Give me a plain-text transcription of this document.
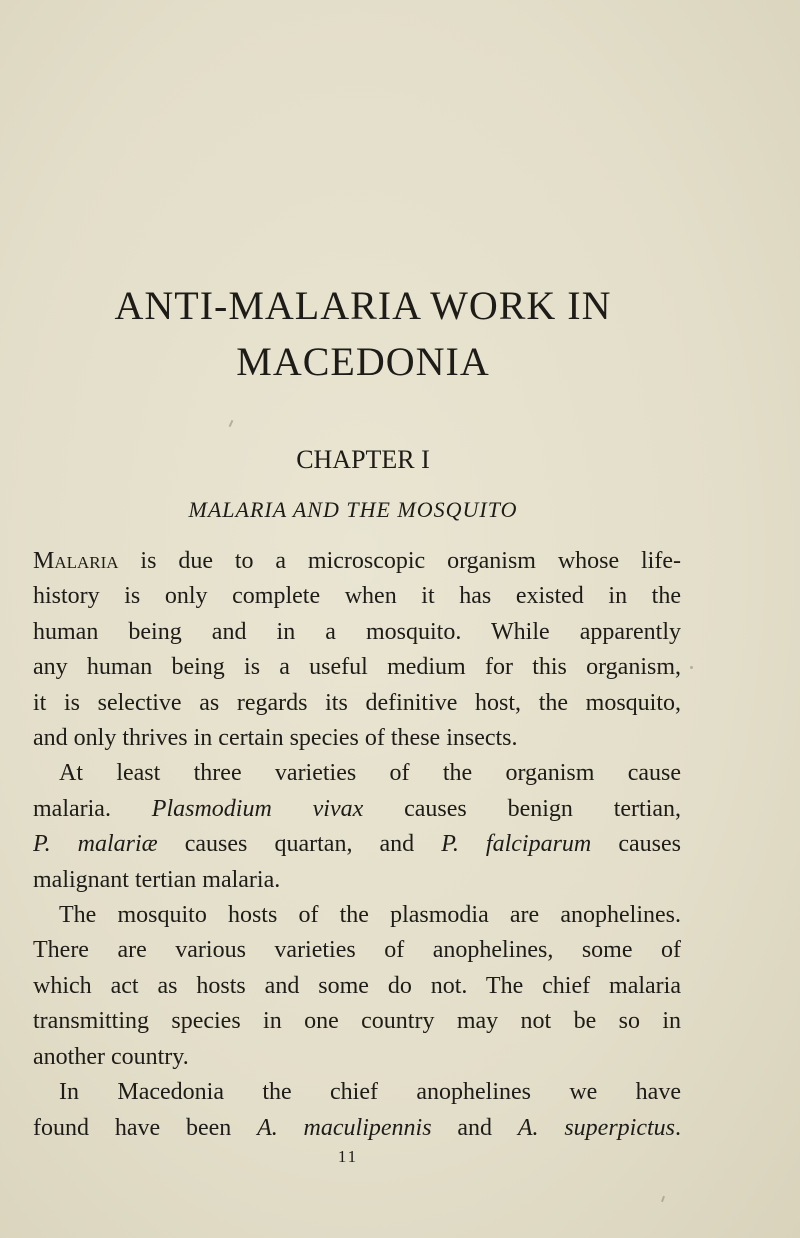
ANTI-MALARIA WORK IN
MACEDONIA
CHAPTER I
MALARIA AND THE MOSQUITO

Malaria is due to a microscopic organism whose life-
history is only complete when it has existed in the
human being and in a mosquito. While apparently
any human being is a useful medium for this organism,
it is selective as regards its definitive host, the mosquito,
and only thrives in certain species of these insects.

At least three varieties of the organism cause
malaria. Plasmodium vivax causes benign tertian,
P. malariæ causes quartan, and P. falciparum causes
malignant tertian malaria.

The mosquito hosts of the plasmodia are anophelines.
There are various varieties of anophelines, some of
which act as hosts and some do not. The chief malaria
transmitting species in one country may not be so in
another country.

In Macedonia the chief anophelines we have
found have been A. maculipennis and A. superpictus.

11
